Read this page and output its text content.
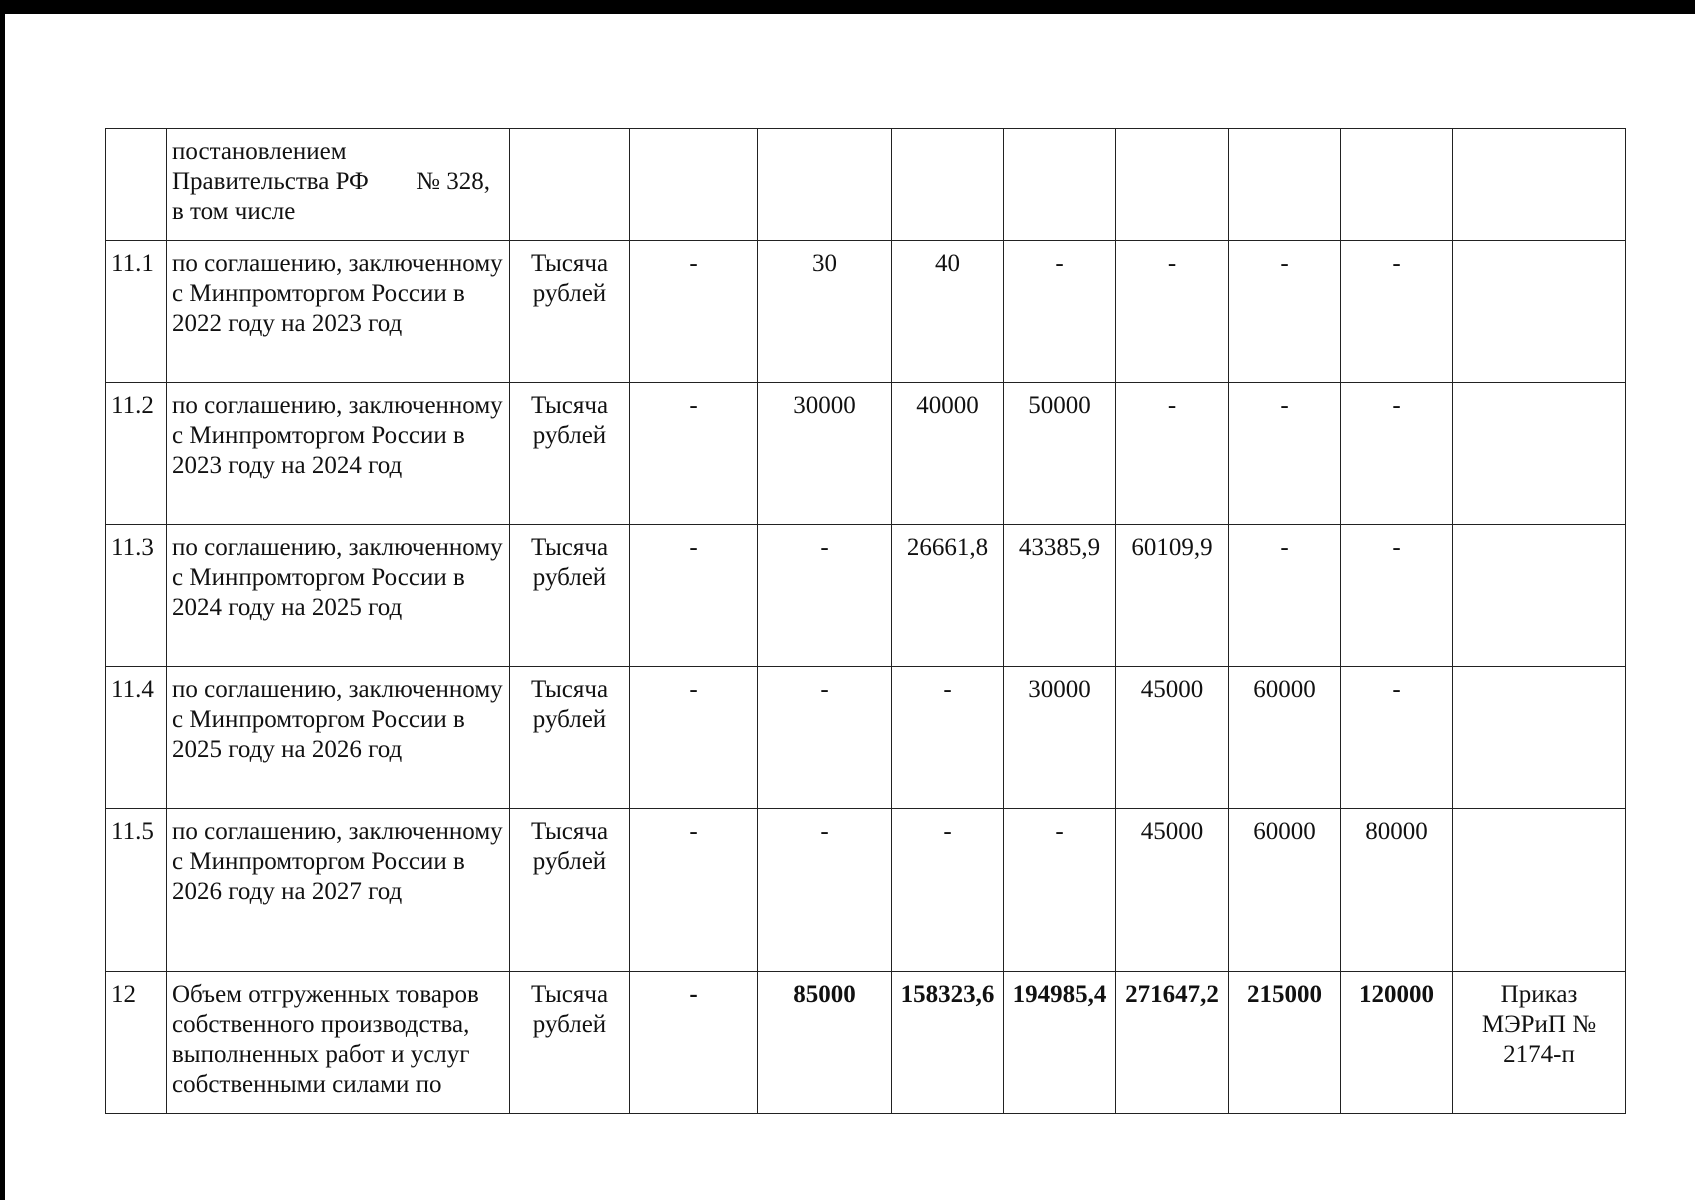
	постановлением
Правительства РФ № 328,
в том числе									

11.1	по соглашению, заключенному с Минпромторгом России в 2022 году на 2023 год	Тысяча рублей	-	30	40	-	-	-	-	
11.2	по соглашению, заключенному с Минпромторгом России в 2023 году на 2024 год	Тысяча рублей	-	30000	40000	50000	-	-	-	
11.3	по соглашению, заключенному с Минпромторгом России в 2024 году на 2025 год	Тысяча рублей	-	-	26661,8	43385,9	60109,9	-	-	
11.4	по соглашению, заключенному с Минпромторгом России в 2025 году на 2026 год	Тысяча рублей	-	-	-	30000	45000	60000	-	
11.5	по соглашению, заключенному с Минпромторгом России в 2026 году на 2027 год	Тысяча рублей	-	-	-	-	45000	60000	80000	
12	Объем отгруженных товаров собственного производства, выполненных работ и услуг собственными силами по	Тысяча рублей	-	85000	158323,6	194985,4	271647,2	215000	120000	Приказ МЭРиП № 2174-п
